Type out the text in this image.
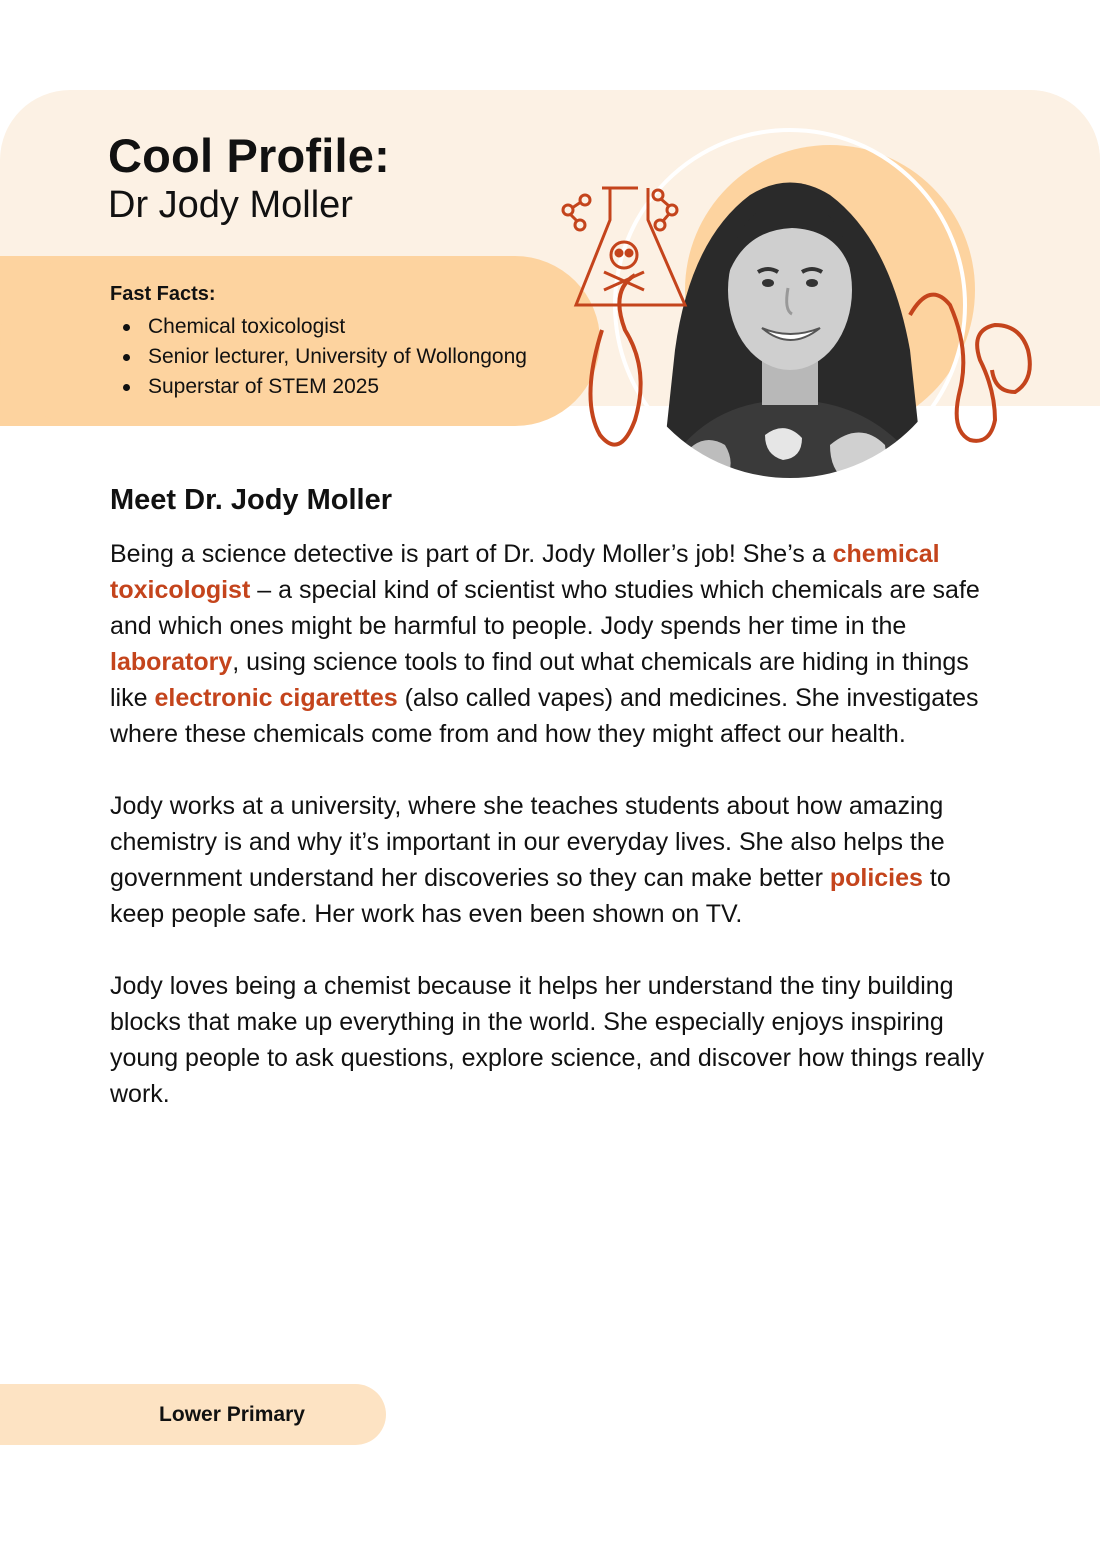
Cool Profile:
Dr Jody Moller
Fast Facts:
Chemical toxicologist
Senior lecturer, University of Wollongong
Superstar of STEM 2025
Meet Dr. Jody Moller

Being a science detective is part of Dr. Jody Moller’s job! She’s a chemical toxicologist – a special kind of scientist who studies which chemicals are safe and which ones might be harmful to people. Jody spends her time in the laboratory, using science tools to find out what chemicals are hiding in things like electronic cigarettes (also called vapes) and medicines. She investigates where these chemicals come from and how they might affect our health.

Jody works at a university, where she teaches students about how amazing chemistry is and why it’s important in our everyday lives. She also helps the government understand her discoveries so they can make better policies to keep people safe. Her work has even been shown on TV.

Jody loves being a chemist because it helps her understand the tiny building blocks that make up everything in the world. She especially enjoys inspiring young people to ask questions, explore science, and discover how things really work.

Lower Primary
